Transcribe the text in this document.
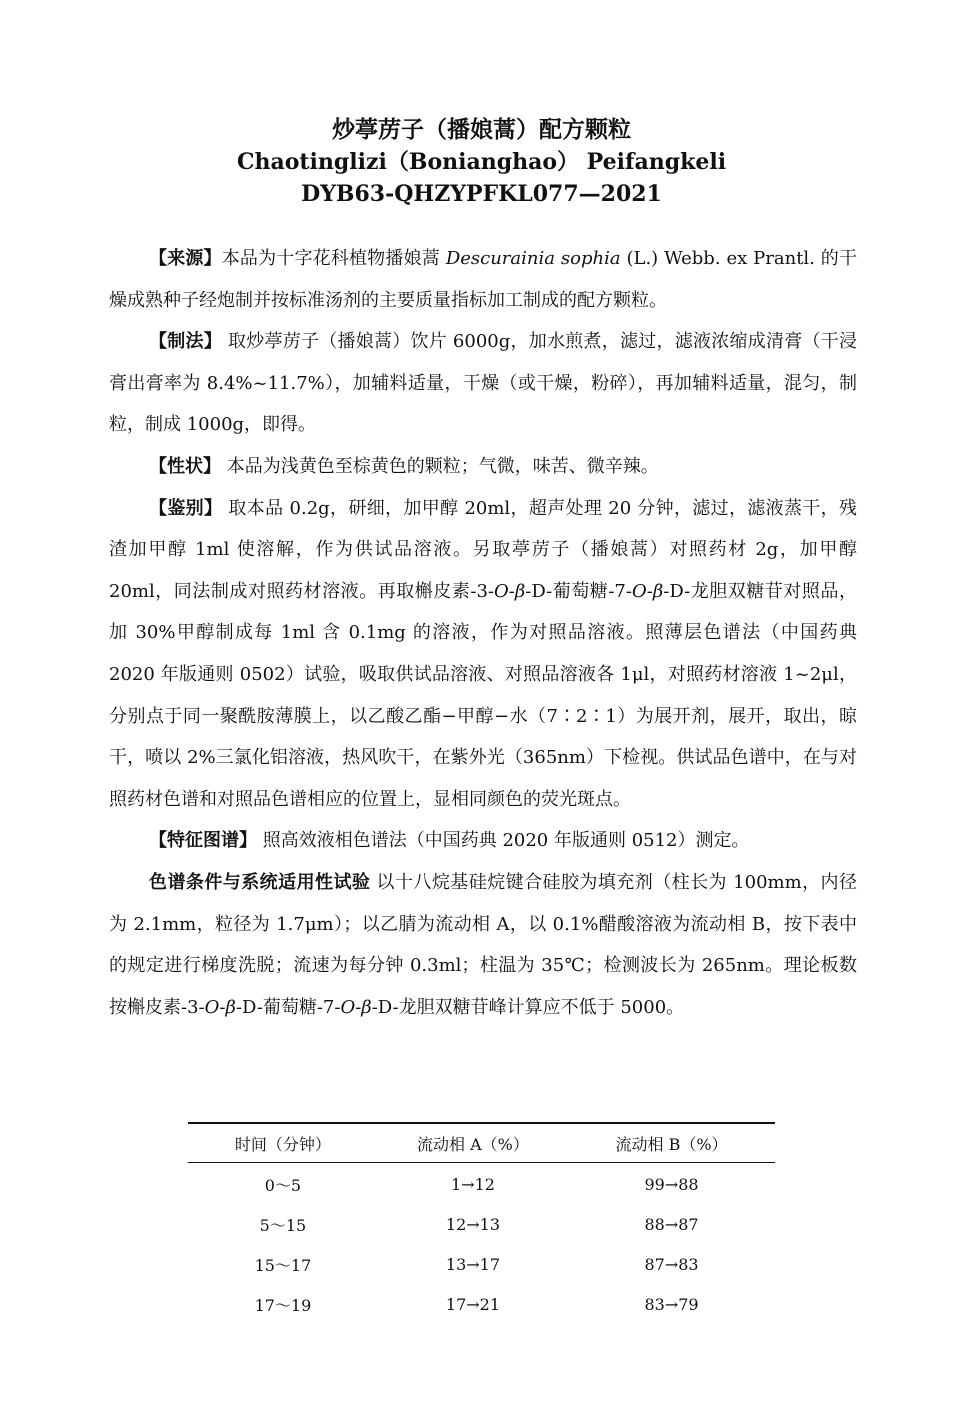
炒葶苈子（播娘蒿）配方颗粒
Chaotinglizi（Bonianghao） Peifangkeli
DYB63-QHZYPFKL077—2021

【来源】本品为十字花科植物播娘蒿 Descurainia sophia (L.) Webb. ex Prantl. 的干燥成熟种子经炮制并按标准汤剂的主要质量指标加工制成的配方颗粒。

【制法】 取炒葶苈子（播娘蒿）饮片 6000g，加水煎煮，滤过，滤液浓缩成清膏（干浸膏出膏率为 8.4%~11.7%），加辅料适量，干燥（或干燥，粉碎），再加辅料适量，混匀，制粒，制成 1000g，即得。

【性状】 本品为浅黄色至棕黄色的颗粒；气微，味苦、微辛辣。

【鉴别】 取本品 0.2g，研细，加甲醇 20ml，超声处理 20 分钟，滤过，滤液蒸干，残渣加甲醇 1ml 使溶解，作为供试品溶液。另取葶苈子（播娘蒿）对照药材 2g，加甲醇 20ml，同法制成对照药材溶液。再取槲皮素-3-O-β-D-葡萄糖-7-O-β-D-龙胆双糖苷对照品，加 30%甲醇制成每 1ml 含 0.1mg 的溶液，作为对照品溶液。照薄层色谱法（中国药典 2020 年版通则 0502）试验，吸取供试品溶液、对照品溶液各 1μl，对照药材溶液 1~2μl，分别点于同一聚酰胺薄膜上，以乙酸乙酯−甲醇−水（7∶2∶1）为展开剂，展开，取出，晾干，喷以 2%三氯化铝溶液，热风吹干，在紫外光（365nm）下检视。供试品色谱中，在与对照药材色谱和对照品色谱相应的位置上，显相同颜色的荧光斑点。

【特征图谱】 照高效液相色谱法（中国药典 2020 年版通则 0512）测定。

色谱条件与系统适用性试验 以十八烷基硅烷键合硅胶为填充剂（柱长为 100mm，内径为 2.1mm，粒径为 1.7μm）；以乙腈为流动相 A，以 0.1%醋酸溶液为流动相 B，按下表中的规定进行梯度洗脱；流速为每分钟 0.3ml；柱温为 35℃；检测波长为 265nm。理论板数按槲皮素-3-O-β-D-葡萄糖-7-O-β-D-龙胆双糖苷峰计算应不低于 5000。

时间（分钟）	流动相 A（%）	流动相 B（%）
0～5	1→12	99→88
5～15	12→13	88→87
15～17	13→17	87→83
17～19	17→21	83→79
